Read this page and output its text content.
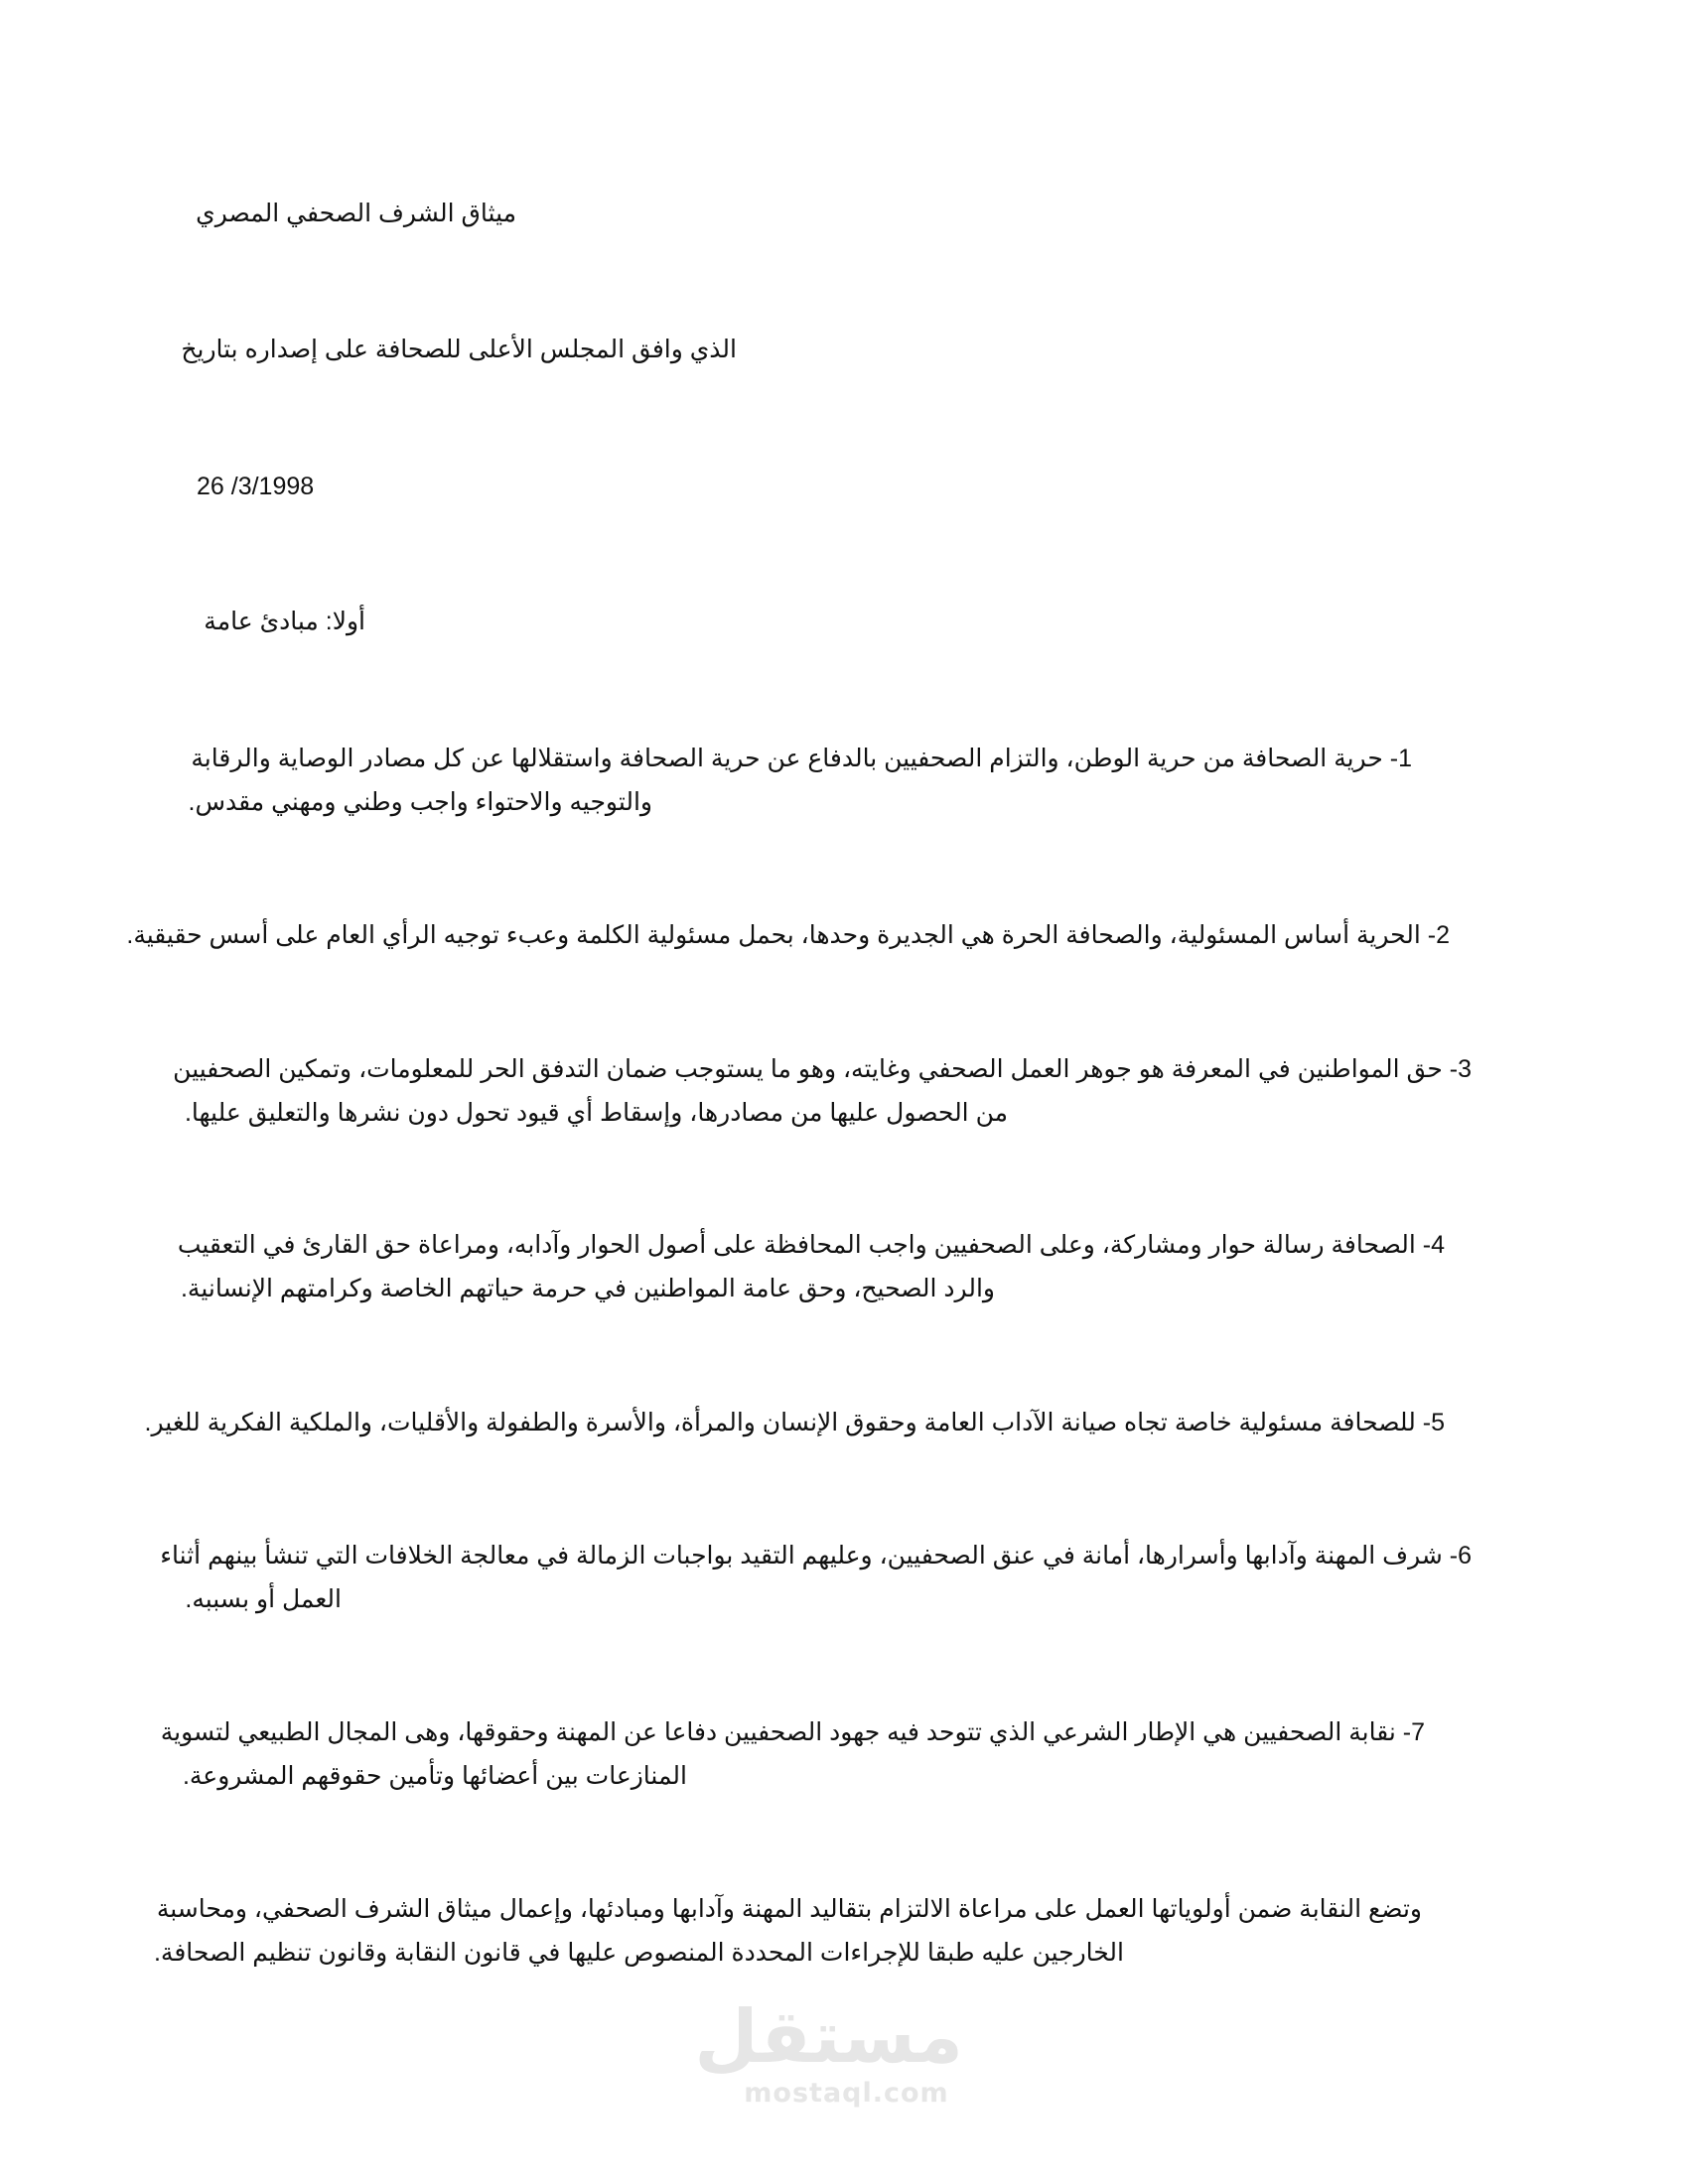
ميثاق الشرف الصحفي المصري

الذي وافق المجلس الأعلى للصحافة على إصداره بتاريخ

26 /3/1998

أولا: مبادئ عامة

1- حرية الصحافة من حرية الوطن، والتزام الصحفيين بالدفاع عن حرية الصحافة واستقلالها عن كل مصادر الوصاية والرقابة

والتوجيه والاحتواء واجب وطني ومهني مقدس.

2- الحرية أساس المسئولية، والصحافة الحرة هي الجديرة وحدها، بحمل مسئولية الكلمة وعبء توجيه الرأي العام على أسس حقيقية.

3- حق المواطنين في المعرفة هو جوهر العمل الصحفي وغايته، وهو ما يستوجب ضمان التدفق الحر للمعلومات، وتمكين الصحفيين

من الحصول عليها من مصادرها، وإسقاط أي قيود تحول دون نشرها والتعليق عليها.

4- الصحافة رسالة حوار ومشاركة، وعلى الصحفيين واجب المحافظة على أصول الحوار وآدابه، ومراعاة حق القارئ في التعقيب

والرد الصحيح، وحق عامة المواطنين في حرمة حياتهم الخاصة وكرامتهم الإنسانية.

5- للصحافة مسئولية خاصة تجاه صيانة الآداب العامة وحقوق الإنسان والمرأة، والأسرة والطفولة والأقليات، والملكية الفكرية للغير.

6- شرف المهنة وآدابها وأسرارها، أمانة في عنق الصحفيين، وعليهم التقيد بواجبات الزمالة في معالجة الخلافات التي تنشأ بينهم أثناء

العمل أو بسببه.

7- نقابة الصحفيين هي الإطار الشرعي الذي تتوحد فيه جهود الصحفيين دفاعا عن المهنة وحقوقها، وهى المجال الطبيعي لتسوية

المنازعات بين أعضائها وتأمين حقوقهم المشروعة.

وتضع النقابة ضمن أولوياتها العمل على مراعاة الالتزام بتقاليد المهنة وآدابها ومبادئها، وإعمال ميثاق الشرف الصحفي، ومحاسبة

الخارجين عليه طبقا للإجراءات المحددة المنصوص عليها في قانون النقابة وقانون تنظيم الصحافة.

مستقل
mostaql.com
